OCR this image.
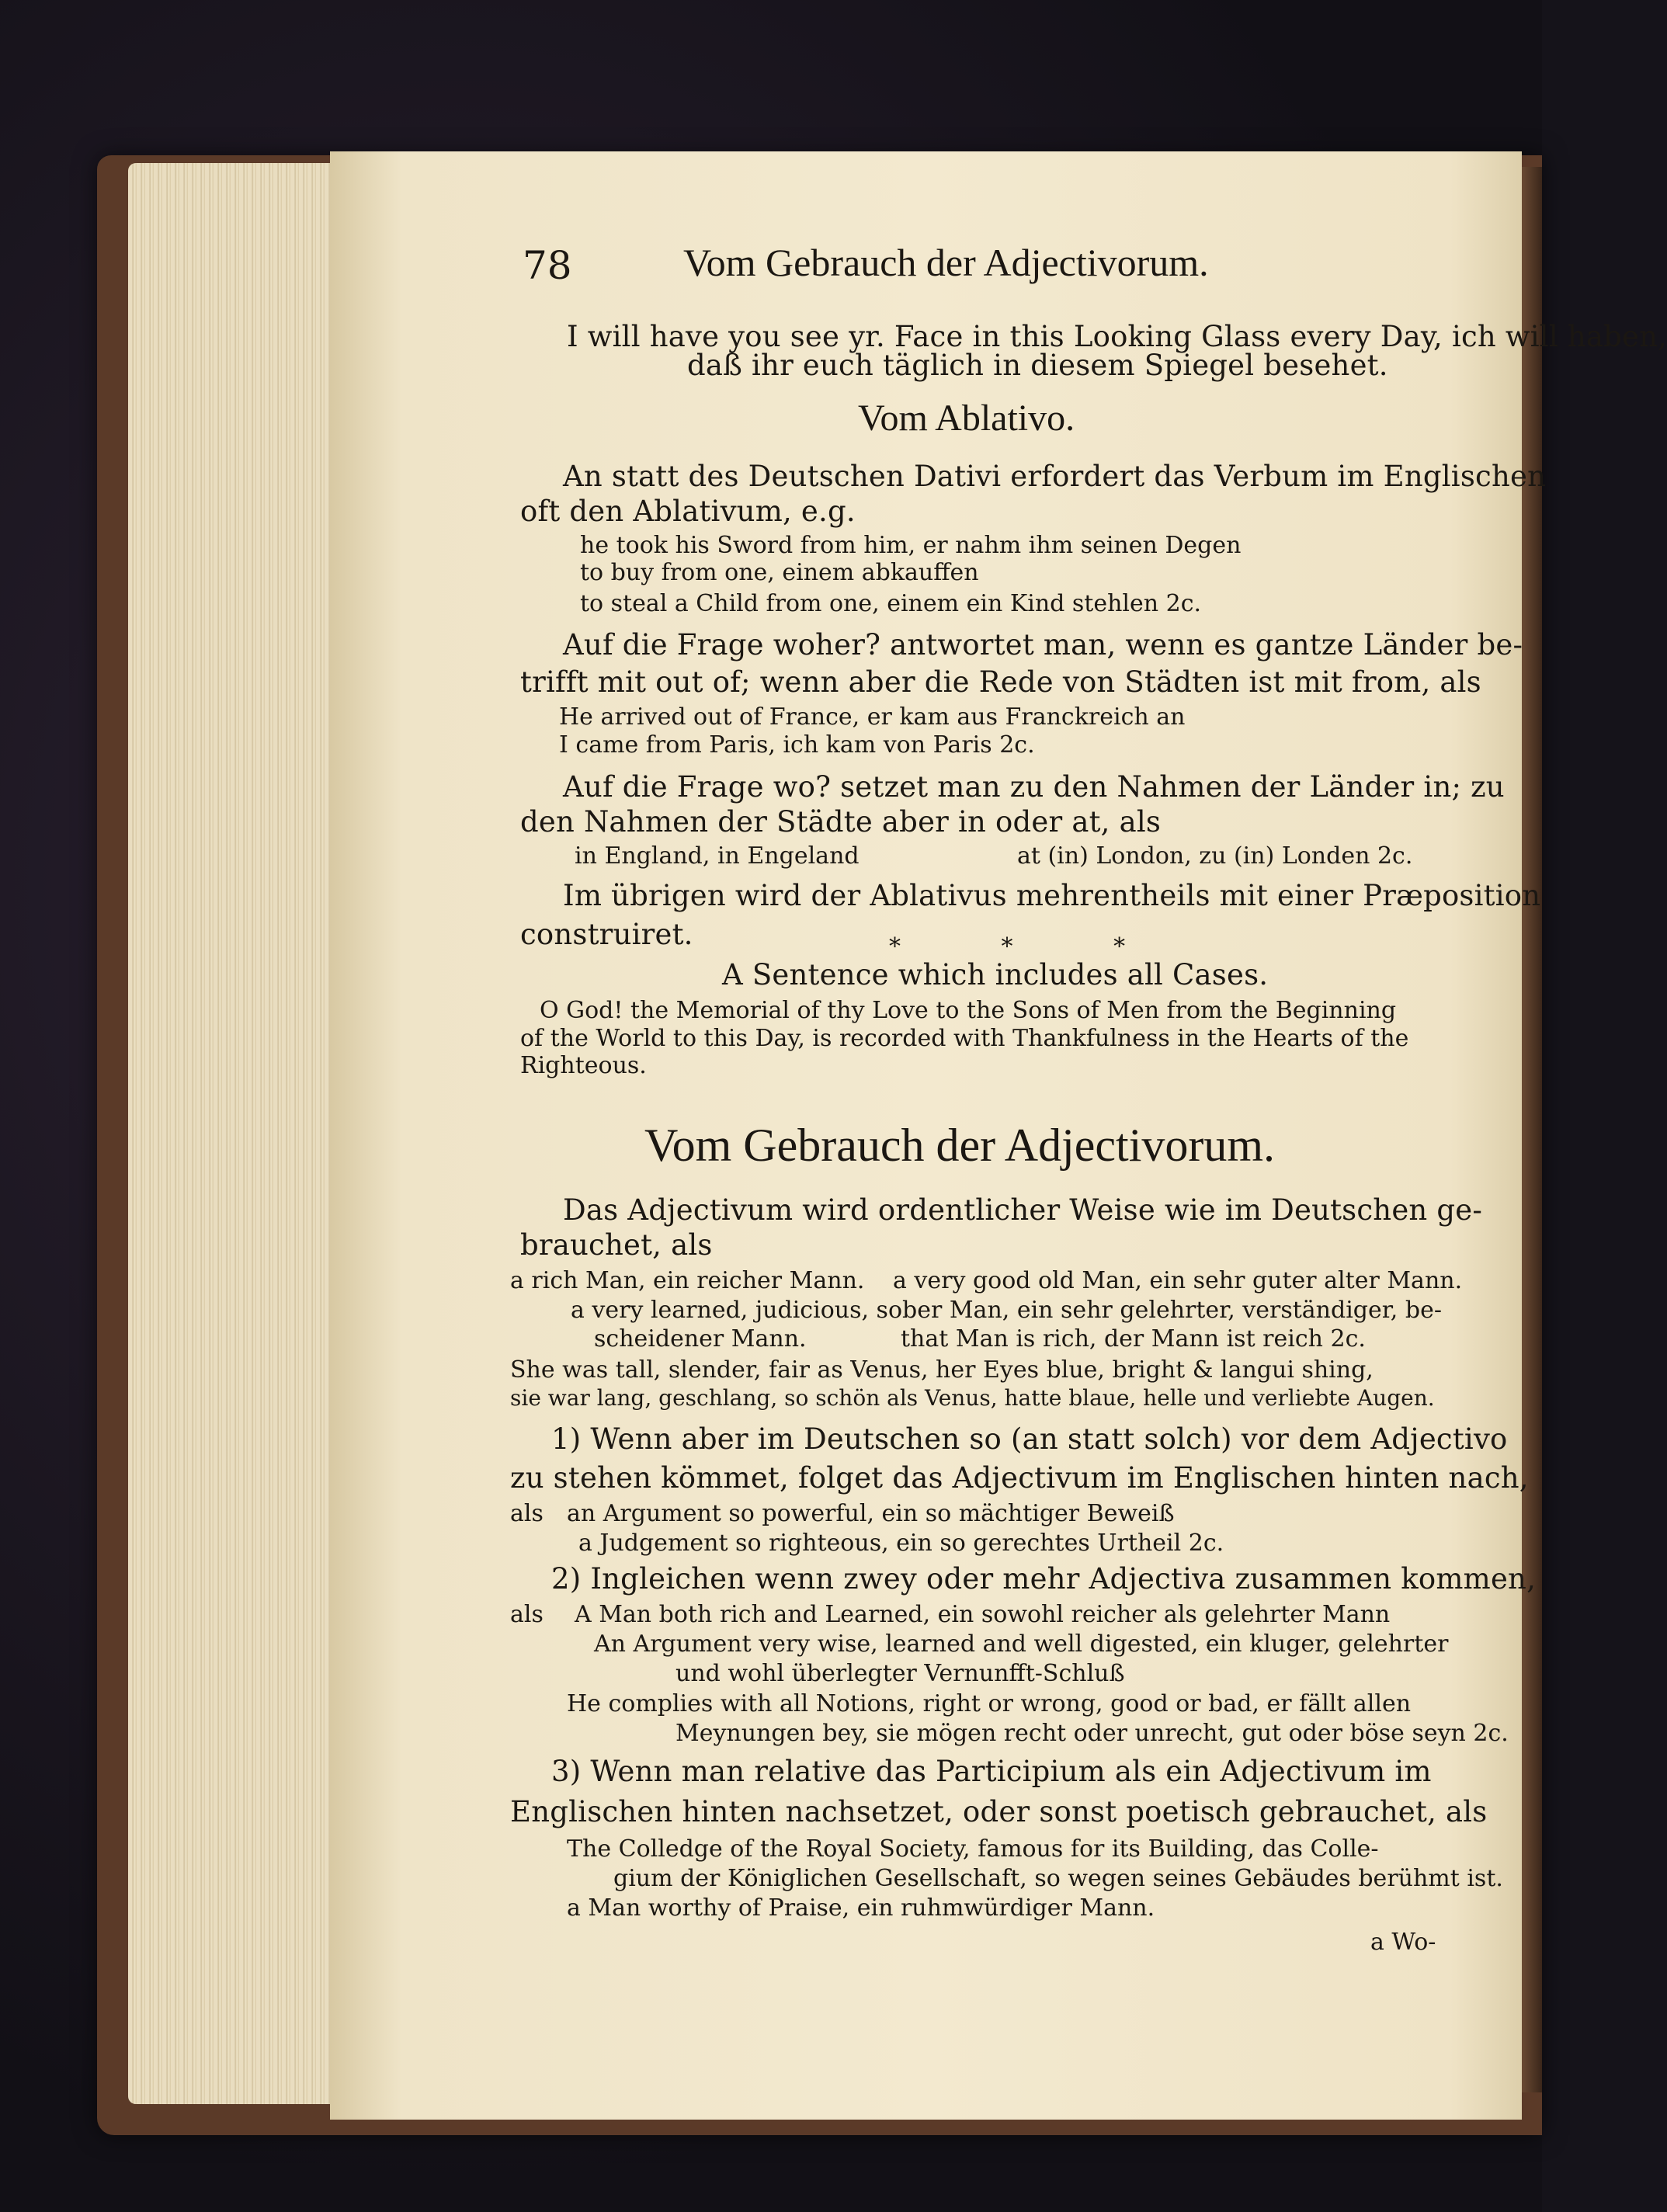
78	Vom Gebrauch der Adjectivorum.
I will have you see yr. Face in this Looking Glass every Day, ich will haben,
daß ihr euch täglich in diesem Spiegel besehet.
Vom Ablativo.
An statt des Deutschen Dativi erfordert das Verbum im Englischen
oft den Ablativum, e.g.
he took his Sword from him, er nahm ihm seinen Degen
to buy from one, einem abkauffen
to steal a Child from one, einem ein Kind stehlen 2c.
Auf die Frage woher? antwortet man, wenn es gantze Länder be-
trifft mit out of; wenn aber die Rede von Städten ist mit from, als
He arrived out of France, er kam aus Franckreich an
I came from Paris, ich kam von Paris 2c.
Auf die Frage wo? setzet man zu den Nahmen der Länder in; zu
den Nahmen der Städte aber in oder at, als
in England, in Engeland	at (in) London, zu (in) Londen 2c.
Im übrigen wird der Ablativus mehrentheils mit einer Præposition
construiret.	* * *
A Sentence which includes all Cases.
O God! the Memorial of thy Love to the Sons of Men from the Beginning
of the World to this Day, is recorded with Thankfulness in the Hearts of the
Righteous.
Vom Gebrauch der Adjectivorum.
Das Adjectivum wird ordentlicher Weise wie im Deutschen ge-
brauchet, als
a rich Man, ein reicher Mann. a very good old Man, ein sehr guter alter Mann.
a very learned, judicious, sober Man, ein sehr gelehrter, verständiger, be-
scheidener Mann.	that Man is rich, der Mann ist reich 2c.
She was tall, slender, fair as Venus, her Eyes blue, bright & langui shing,
sie war lang, geschlang, so schön als Venus, hatte blaue, helle und verliebte Augen.
1) Wenn aber im Deutschen so (an statt solch) vor dem Adjectivo
zu stehen kömmet, folget das Adjectivum im Englischen hinten nach,
als an Argument so powerful, ein so mächtiger Beweiß
a Judgement so righteous, ein so gerechtes Urtheil 2c.
2) Ingleichen wenn zwey oder mehr Adjectiva zusammen kommen,
als A Man both rich and Learned, ein sowohl reicher als gelehrter Mann
An Argument very wise, learned and well digested, ein kluger, gelehrter
und wohl überlegter Vernunfft-Schluß
He complies with all Notions, right or wrong, good or bad, er fällt allen
Meynungen bey, sie mögen recht oder unrecht, gut oder böse seyn 2c.
3) Wenn man relative das Participium als ein Adjectivum im
Englischen hinten nachsetzet, oder sonst poetisch gebrauchet, als
The Colledge of the Royal Society, famous for its Building, das Colle-
gium der Königlichen Gesellschaft, so wegen seines Gebäudes berühmt ist.
a Man worthy of Praise, ein ruhmwürdiger Mann.
a Wo-
